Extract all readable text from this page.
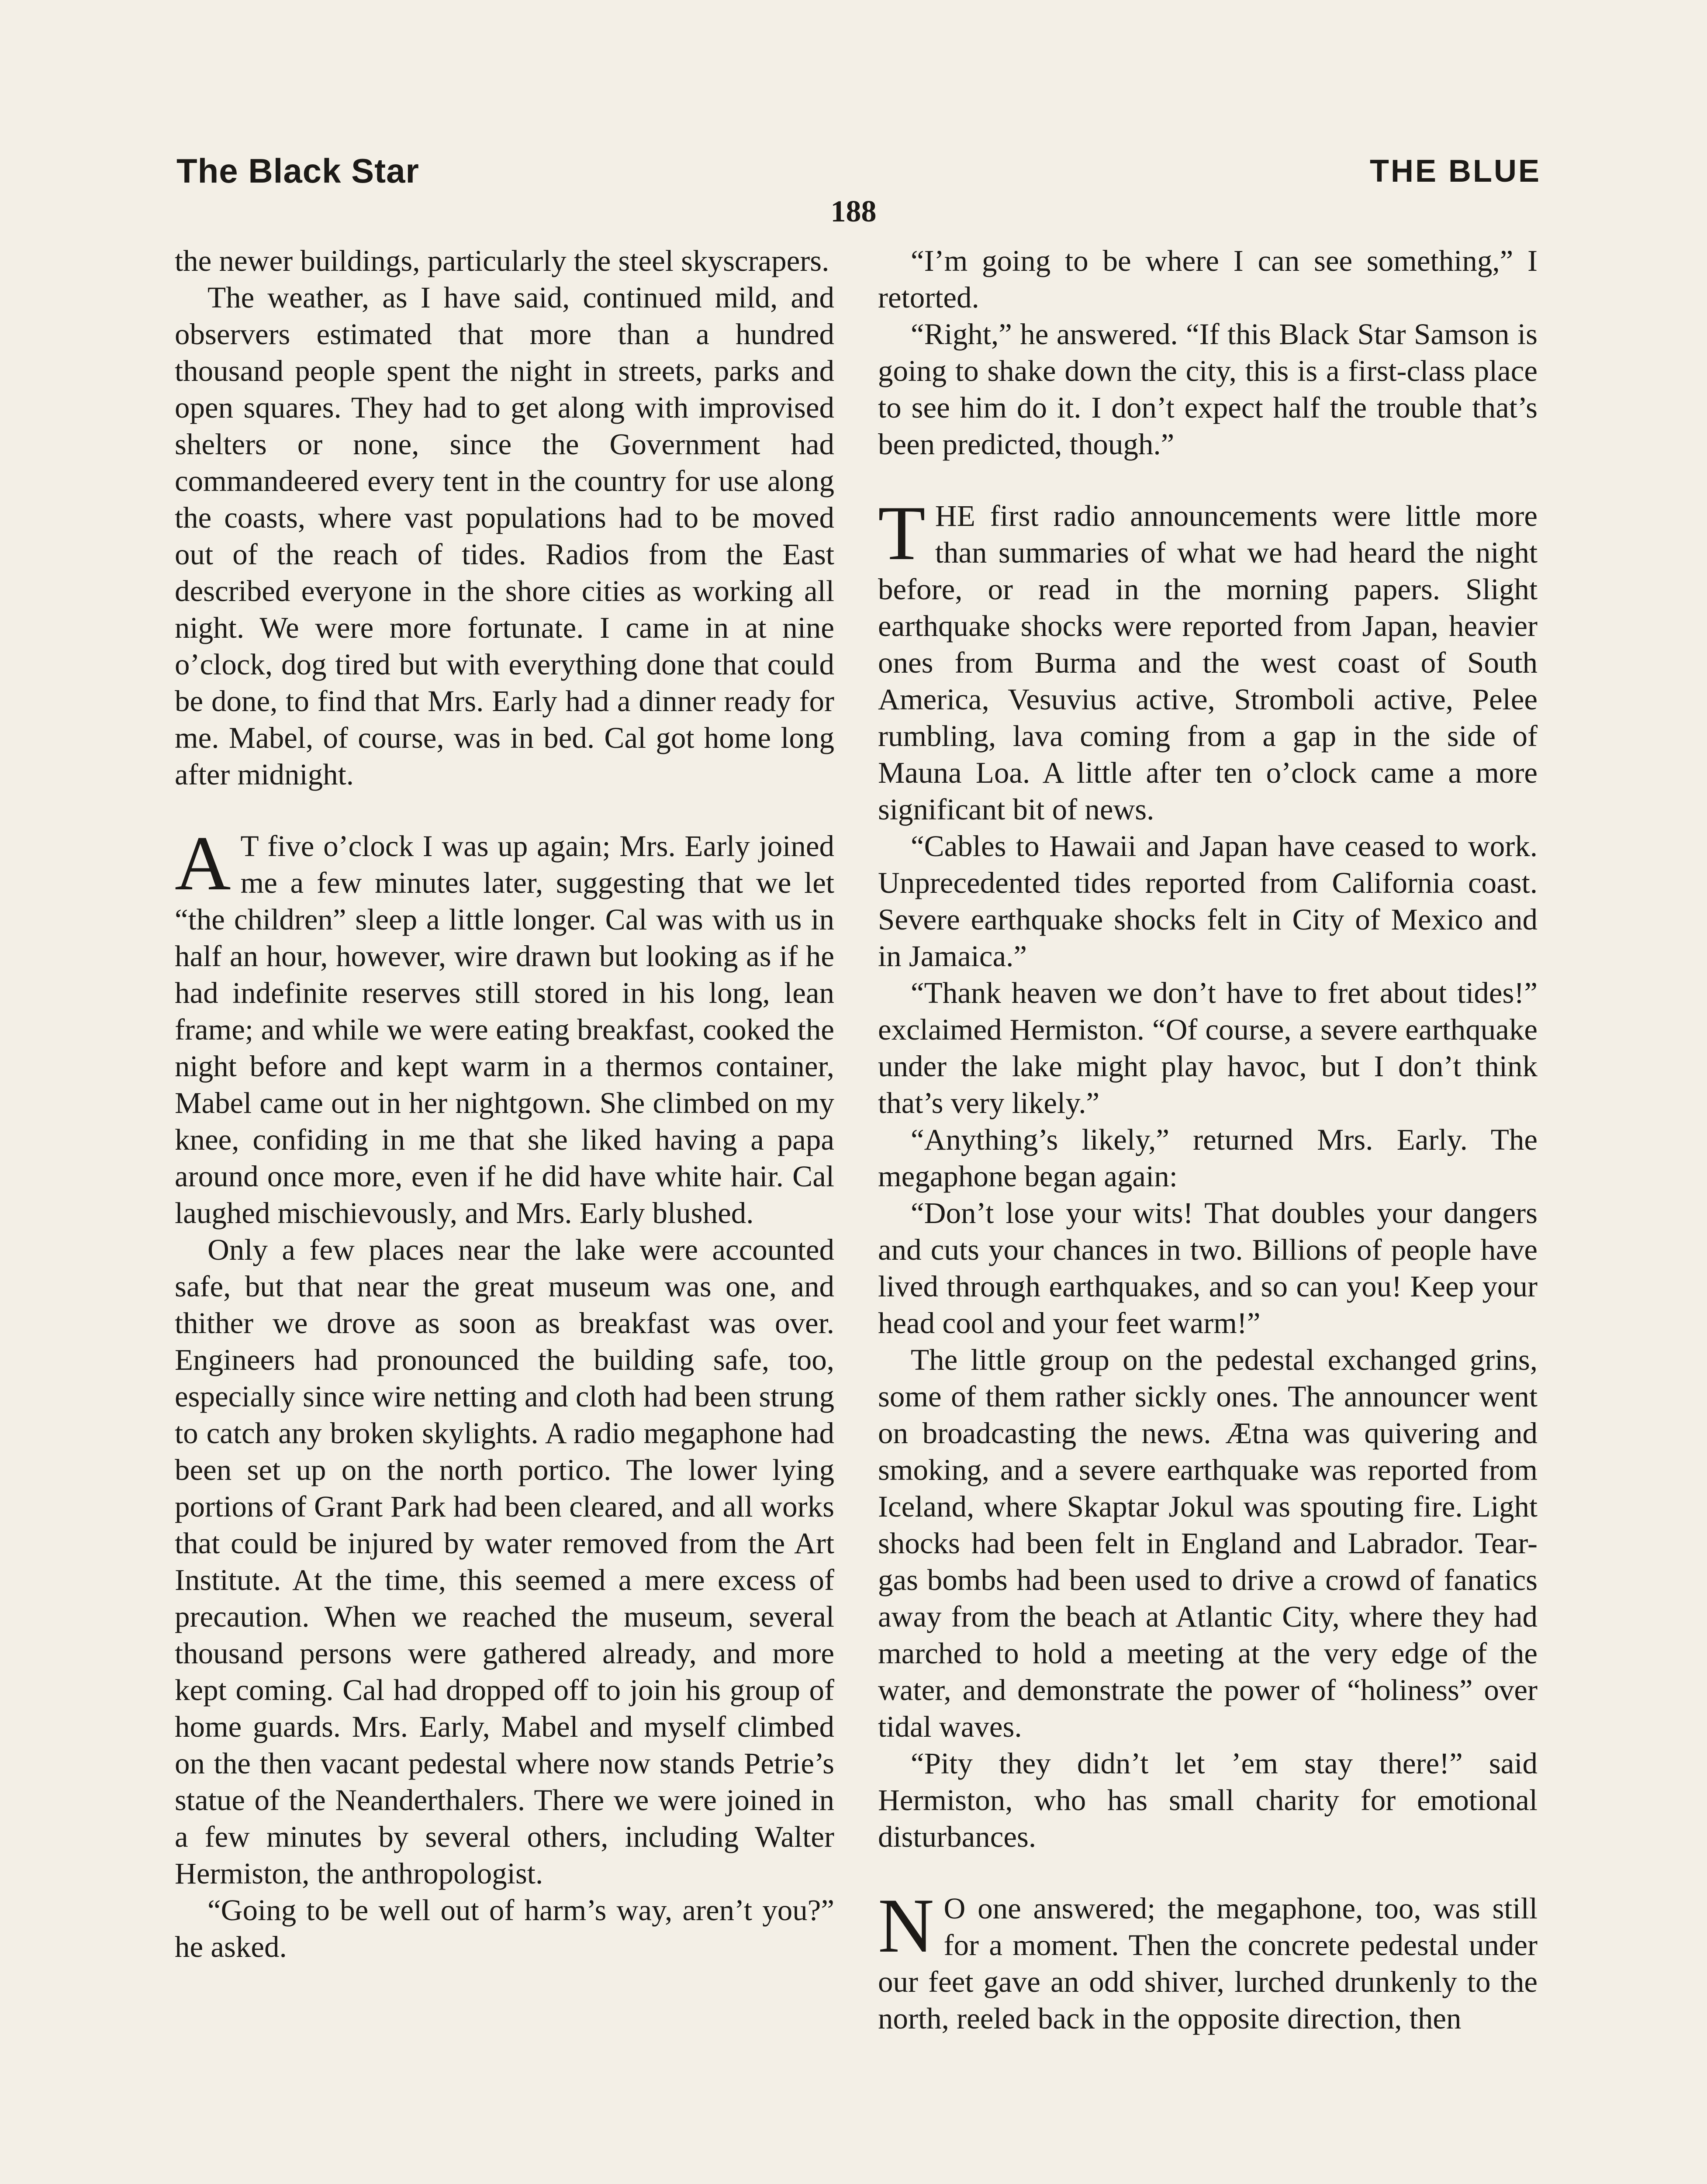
The Black Star	THE BLUE
188

the newer buildings, particularly the steel skyscrapers.

The weather, as I have said, continued mild, and observers estimated that more than a hundred thousand people spent the night in streets, parks and open squares. They had to get along with improvised shelters or none, since the Government had commandeered every tent in the country for use along the coasts, where vast populations had to be moved out of the reach of tides. Radios from the East described everyone in the shore cities as working all night. We were more fortunate. I came in at nine o’clock, dog tired but with everything done that could be done, to find that Mrs. Early had a dinner ready for me. Mabel, of course, was in bed. Cal got home long after midnight.

A T five o’clock I was up again; Mrs. Early joined me a few minutes later, suggesting that we let “the children” sleep a little longer. Cal was with us in half an hour, however, wire drawn but looking as if he had indefinite reserves still stored in his long, lean frame; and while we were eating breakfast, cooked the night before and kept warm in a thermos container, Mabel came out in her nightgown. She climbed on my knee, confiding in me that she liked having a papa around once more, even if he did have white hair. Cal laughed mischievously, and Mrs. Early blushed.

Only a few places near the lake were accounted safe, but that near the great museum was one, and thither we drove as soon as breakfast was over. Engineers had pronounced the building safe, too, especially since wire netting and cloth had been strung to catch any broken skylights. A radio megaphone had been set up on the north portico. The lower lying portions of Grant Park had been cleared, and all works that could be injured by water removed from the Art Institute. At the time, this seemed a mere excess of precaution. When we reached the museum, several thousand persons were gathered already, and more kept coming. Cal had dropped off to join his group of home guards. Mrs. Early, Mabel and myself climbed on the then vacant pedestal where now stands Petrie’s statue of the Neanderthalers. There we were joined in a few minutes by several others, including Walter Hermiston, the anthropologist.

“Going to be well out of harm’s way, aren’t you?” he asked.

“I’m going to be where I can see something,” I retorted.

“Right,” he answered. “If this Black Star Samson is going to shake down the city, this is a first-class place to see him do it. I don’t expect half the trouble that’s been predicted, though.”

THE first radio announcements were little more than summaries of what we had heard the night before, or read in the morning papers. Slight earthquake shocks were reported from Japan, heavier ones from Burma and the west coast of South America, Vesuvius active, Stromboli active, Pelee rumbling, lava coming from a gap in the side of Mauna Loa. A little after ten o’clock came a more significant bit of news.

“Cables to Hawaii and Japan have ceased to work. Unprecedented tides reported from California coast. Severe earthquake shocks felt in City of Mexico and in Jamaica.”

“Thank heaven we don’t have to fret about tides!” exclaimed Hermiston. “Of course, a severe earthquake under the lake might play havoc, but I don’t think that’s very likely.”

“Anything’s likely,” returned Mrs. Early. The megaphone began again:

“Don’t lose your wits! That doubles your dangers and cuts your chances in two. Billions of people have lived through earthquakes, and so can you! Keep your head cool and your feet warm!”

The little group on the pedestal exchanged grins, some of them rather sickly ones. The announcer went on broadcasting the news. Ætna was quivering and smoking, and a severe earthquake was reported from Iceland, where Skaptar Jokul was spouting fire. Light shocks had been felt in England and Labrador. Tear-gas bombs had been used to drive a crowd of fanatics away from the beach at Atlantic City, where they had marched to hold a meeting at the very edge of the water, and demonstrate the power of “holiness” over tidal waves.

“Pity they didn’t let ’em stay there!” said Hermiston, who has small charity for emotional disturbances.

N O one answered; the megaphone, too, was still for a moment. Then the concrete pedestal under our feet gave an odd shiver, lurched drunkenly to the north, reeled back in the opposite direction, then
